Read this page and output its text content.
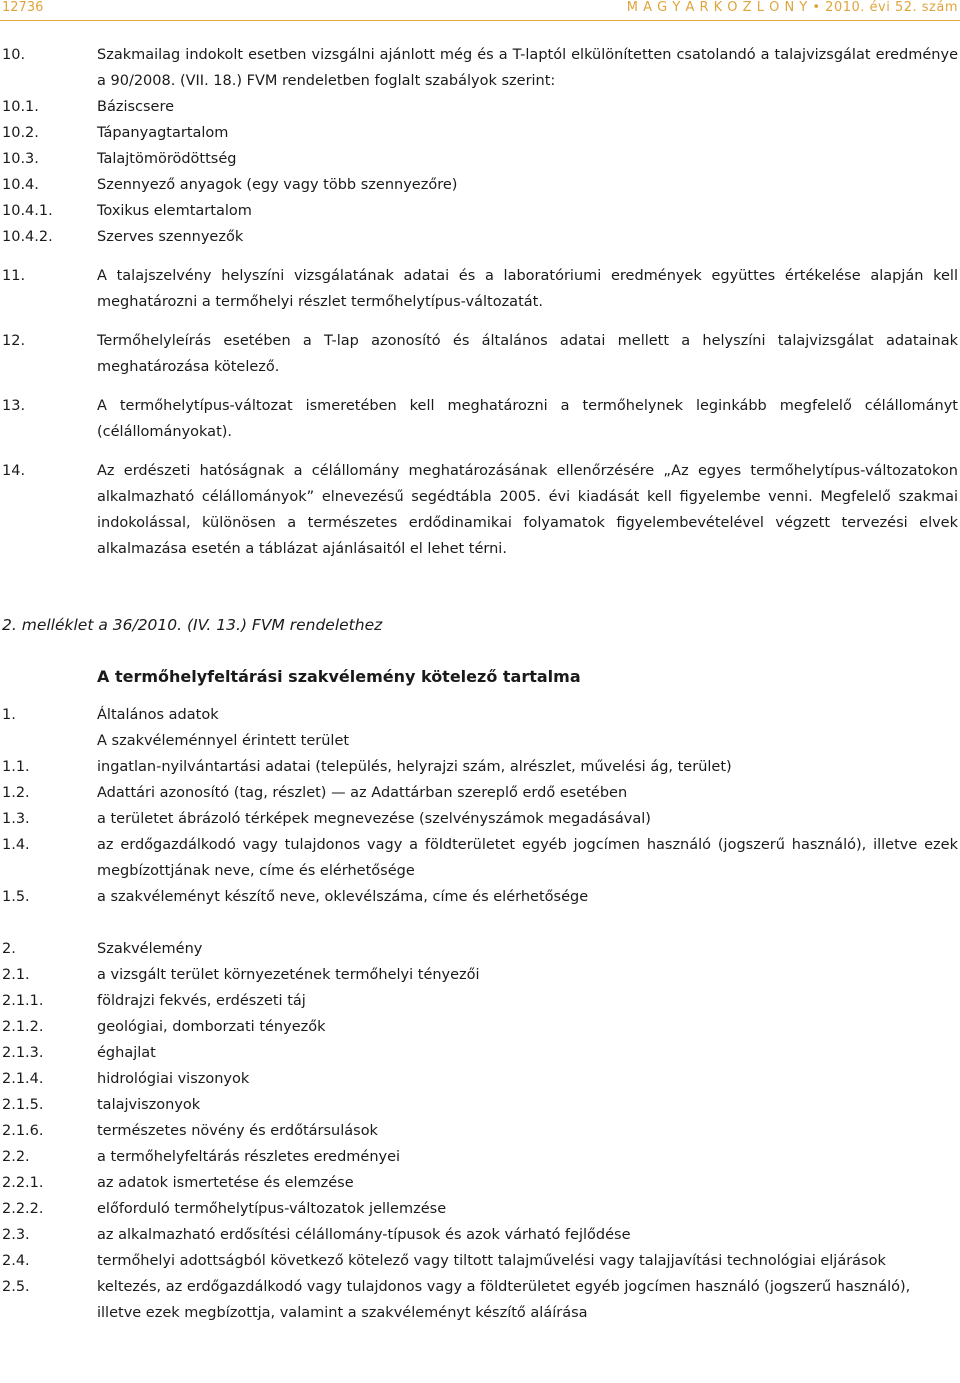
12736	M A G Y A R K Ö Z L Ö N Y • 2010. évi 52. szám
10.	Szakmailag indokolt esetben vizsgálni ajánlott még és a T-laptól elkülönítetten csatolandó a talajvizsgálat eredménye a 90/2008. (VII. 18.) FVM rendeletben foglalt szabályok szerint:
10.1.	Báziscsere
10.2.	Tápanyagtartalom
10.3.	Talajtömörödöttség
10.4.	Szennyező anyagok (egy vagy több szennyezőre)
10.4.1.	Toxikus elemtartalom
10.4.2.	Szerves szennyezők
11.	A talajszelvény helyszíni vizsgálatának adatai és a laboratóriumi eredmények együttes értékelése alapján kell meghatározni a termőhelyi részlet termőhelytípus-változatát.
12.	Termőhelyleírás esetében a T-lap azonosító és általános adatai mellett a helyszíni talajvizsgálat adatainak meghatározása kötelező.
13.	A termőhelytípus-változat ismeretében kell meghatározni a termőhelynek leginkább megfelelő célállományt (célállományokat).
14.	Az erdészeti hatóságnak a célállomány meghatározásának ellenőrzésére „Az egyes termőhelytípus-változatokon alkalmazható célállományok” elnevezésű segédtábla 2005. évi kiadását kell figyelembe venni. Megfelelő szakmai indokolással, különösen a természetes erdődinamikai folyamatok figyelembevételével végzett tervezési elvek alkalmazása esetén a táblázat ajánlásaitól el lehet térni.
2. melléklet a 36/2010. (IV. 13.) FVM rendelethez
A termőhelyfeltárási szakvélemény kötelező tartalma
1.	Általános adatok
A szakvéleménnyel érintett terület
1.1.	ingatlan-nyilvántartási adatai (település, helyrajzi szám, alrészlet, művelési ág, terület)
1.2.	Adattári azonosító (tag, részlet) — az Adattárban szereplő erdő esetében
1.3.	a területet ábrázoló térképek megnevezése (szelvényszámok megadásával)
1.4.	az erdőgazdálkodó vagy tulajdonos vagy a földterületet egyéb jogcímen használó (jogszerű használó), illetve ezek megbízottjának neve, címe és elérhetősége
1.5.	a szakvéleményt készítő neve, oklevélszáma, címe és elérhetősége
2.	Szakvélemény
2.1.	a vizsgált terület környezetének termőhelyi tényezői
2.1.1.	földrajzi fekvés, erdészeti táj
2.1.2.	geológiai, domborzati tényezők
2.1.3.	éghajlat
2.1.4.	hidrológiai viszonyok
2.1.5.	talajviszonyok
2.1.6.	természetes növény és erdőtársulások
2.2.	a termőhelyfeltárás részletes eredményei
2.2.1.	az adatok ismertetése és elemzése
2.2.2.	előforduló termőhelytípus-változatok jellemzése
2.3.	az alkalmazható erdősítési célállomány-típusok és azok várható fejlődése
2.4.	termőhelyi adottságból következő kötelező vagy tiltott talajművelési vagy talajjavítási technológiai eljárások
2.5.	keltezés, az erdőgazdálkodó vagy tulajdonos vagy a földterületet egyéb jogcímen használó (jogszerű használó), illetve ezek megbízottja, valamint a szakvéleményt készítő aláírása
